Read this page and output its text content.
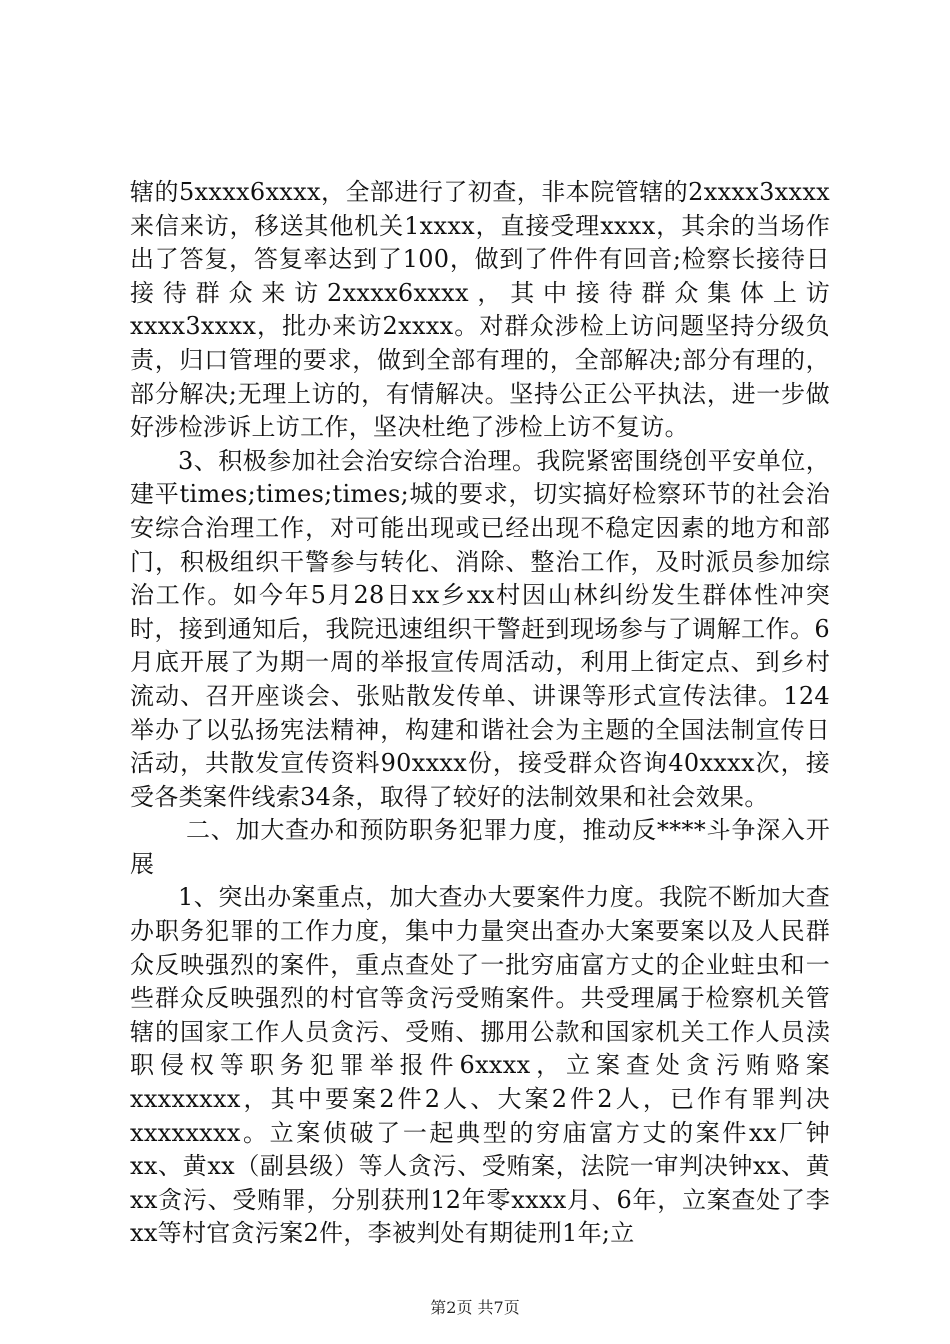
辖的5xxxx6xxxx，全部进行了初查，非本院管辖的2xxxx3xxxx来信来访，移送其他机关1xxxx，直接受理xxxx，其余的当场作出了答复，答复率达到了100，做到了件件有回音;检察长接待日接待群众来访2xxxx6xxxx，其中接待群众集体上访xxxx3xxxx，批办来访2xxxx。对群众涉检上访问题坚持分级负责，归口管理的要求，做到全部有理的，全部解决;部分有理的，部分解决;无理上访的，有情解决。坚持公正公平执法，进一步做好涉检涉诉上访工作，坚决杜绝了涉检上访不复访。

3、积极参加社会治安综合治理。我院紧密围绕创平安单位，建平times;times;times;城的要求，切实搞好检察环节的社会治安综合治理工作，对可能出现或已经出现不稳定因素的地方和部门，积极组织干警参与转化、消除、整治工作，及时派员参加综治工作。如今年5月28日xx乡xx村因山林纠纷发生群体性冲突时，接到通知后，我院迅速组织干警赶到现场参与了调解工作。6月底开展了为期一周的举报宣传周活动，利用上街定点、到乡村流动、召开座谈会、张贴散发传单、讲课等形式宣传法律。124举办了以弘扬宪法精神，构建和谐社会为主题的全国法制宣传日活动，共散发宣传资料90xxxx份，接受群众咨询40xxxx次，接受各类案件线索34条，取得了较好的法制效果和社会效果。

二、加大查办和预防职务犯罪力度，推动反****斗争深入开展

1、突出办案重点，加大查办大要案件力度。我院不断加大查办职务犯罪的工作力度，集中力量突出查办大案要案以及人民群众反映强烈的案件，重点查处了一批穷庙富方丈的企业蛀虫和一些群众反映强烈的村官等贪污受贿案件。共受理属于检察机关管辖的国家工作人员贪污、受贿、挪用公款和国家机关工作人员渎职侵权等职务犯罪举报件6xxxx，立案查处贪污贿赂案xxxxxxxx，其中要案2件2人、大案2件2人，已作有罪判决xxxxxxxx。立案侦破了一起典型的穷庙富方丈的案件xx厂钟xx、黄xx（副县级）等人贪污、受贿案，法院一审判决钟xx、黄xx贪污、受贿罪，分别获刑12年零xxxx月、6年，立案查处了李xx等村官贪污案2件，李被判处有期徒刑1年;立

第2页 共7页
